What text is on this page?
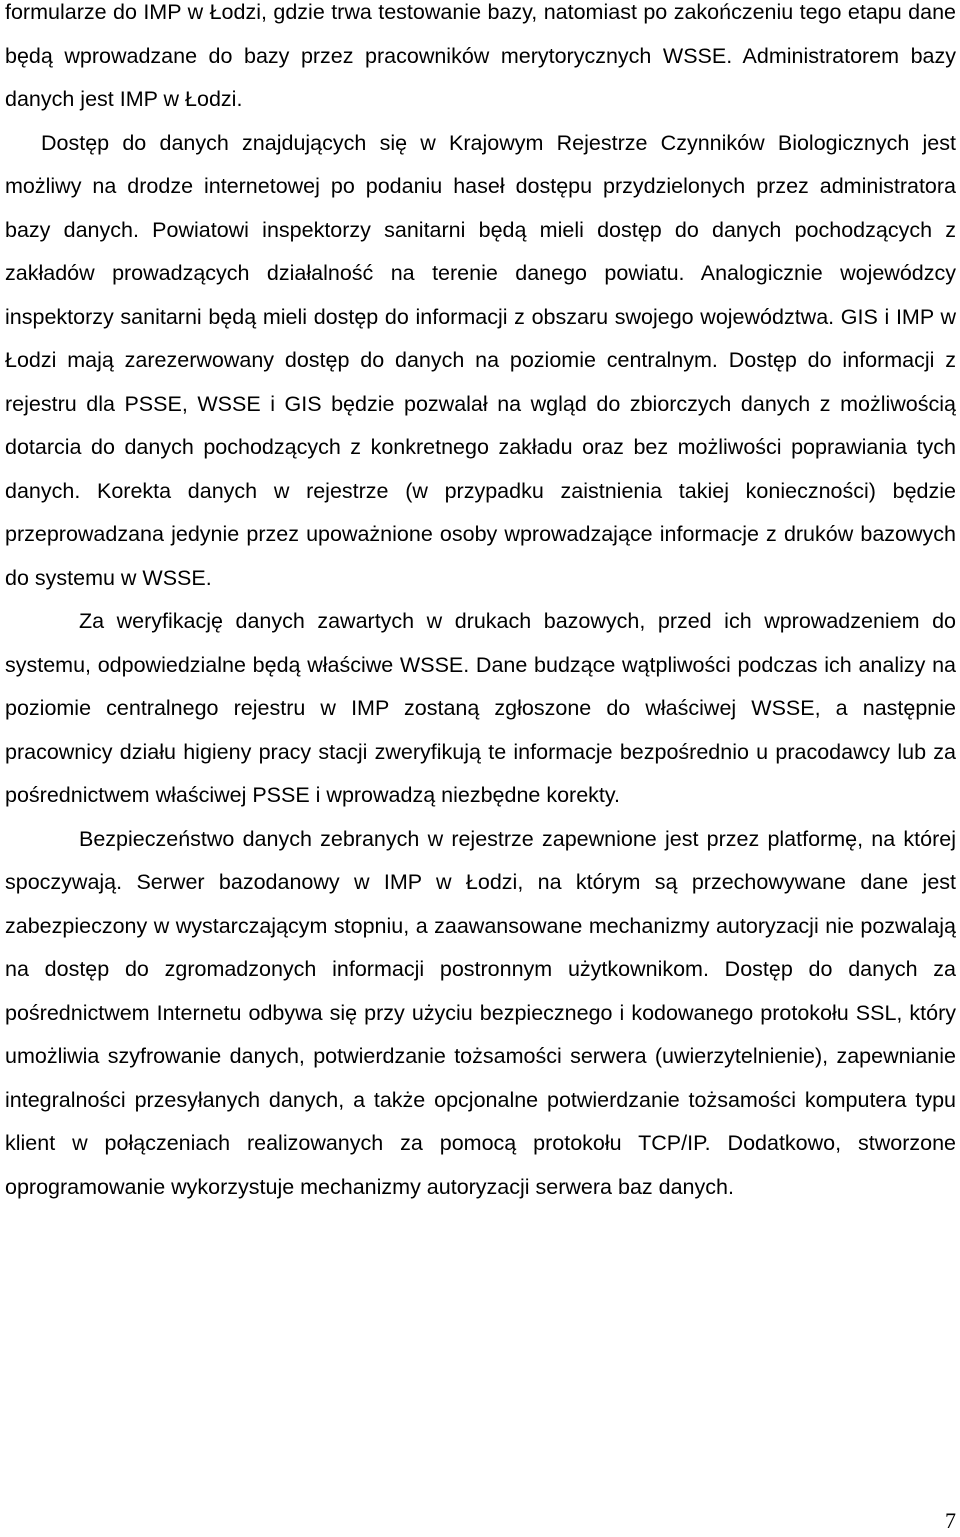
formularze do IMP w Łodzi, gdzie trwa testowanie bazy, natomiast po zakończeniu tego etapu dane będą wprowadzane do bazy przez pracowników merytorycznych WSSE. Administratorem bazy danych jest IMP w Łodzi.

Dostęp do danych znajdujących się w Krajowym Rejestrze Czynników Biologicznych jest możliwy na drodze internetowej po podaniu haseł dostępu przydzielonych przez administratora bazy danych. Powiatowi inspektorzy sanitarni będą mieli dostęp do danych pochodzących z zakładów prowadzących działalność na terenie danego powiatu. Analogicznie wojewódzcy inspektorzy sanitarni będą mieli dostęp do informacji z obszaru swojego województwa. GIS i IMP w Łodzi mają zarezerwowany dostęp do danych na poziomie centralnym. Dostęp do informacji z rejestru dla PSSE, WSSE i GIS będzie pozwalał na wgląd do zbiorczych danych z możliwością dotarcia do danych pochodzących z konkretnego zakładu oraz bez możliwości poprawiania tych danych. Korekta danych w rejestrze (w przypadku zaistnienia takiej konieczności) będzie przeprowadzana jedynie przez upoważnione osoby wprowadzające informacje z druków bazowych do systemu w WSSE.

Za weryfikację danych zawartych w drukach bazowych, przed ich wprowadzeniem do systemu, odpowiedzialne będą właściwe WSSE. Dane budzące wątpliwości podczas ich analizy na poziomie centralnego rejestru w IMP zostaną zgłoszone do właściwej WSSE, a następnie pracownicy działu higieny pracy stacji zweryfikują te informacje bezpośrednio u pracodawcy lub za pośrednictwem właściwej PSSE i wprowadzą niezbędne korekty.

Bezpieczeństwo danych zebranych w rejestrze zapewnione jest przez platformę, na której spoczywają. Serwer bazodanowy w IMP w Łodzi, na którym są przechowywane dane jest zabezpieczony w wystarczającym stopniu, a zaawansowane mechanizmy autoryzacji nie pozwalają na dostęp do zgromadzonych informacji postronnym użytkownikom. Dostęp do danych za pośrednictwem Internetu odbywa się przy użyciu bezpiecznego i kodowanego protokołu SSL, który umożliwia szyfrowanie danych, potwierdzanie tożsamości serwera (uwierzytelnienie), zapewnianie integralności przesyłanych danych, a także opcjonalne potwierdzanie tożsamości komputera typu klient w połączeniach realizowanych za pomocą protokołu TCP/IP. Dodatkowo, stworzone oprogramowanie wykorzystuje mechanizmy autoryzacji serwera baz danych.

7
